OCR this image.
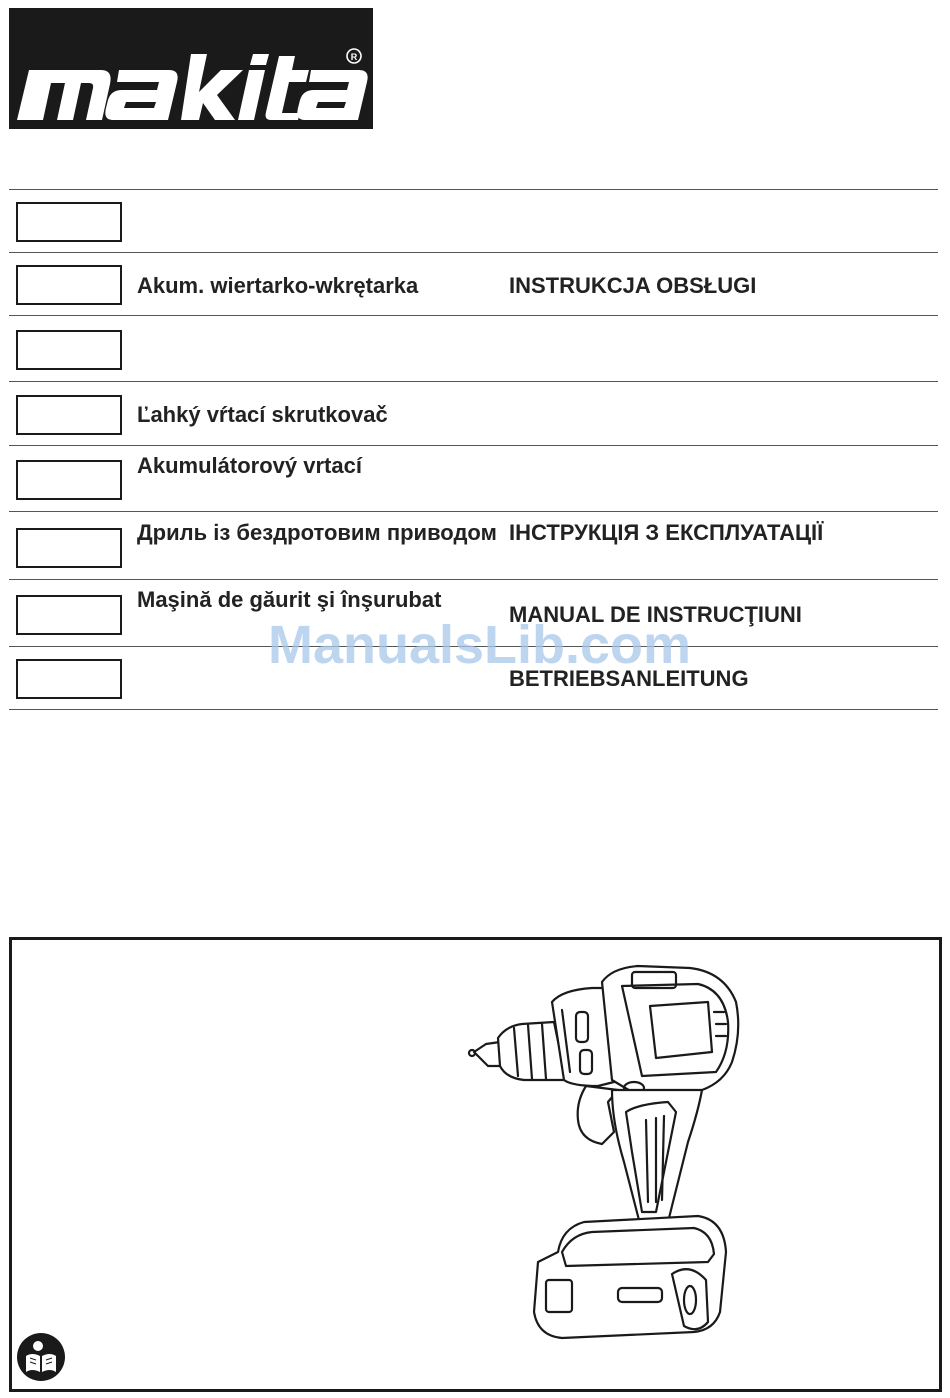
R
Akum. wiertarko-wkrętarka	INSTRUKCJA OBSŁUGI
Ľahký vŕtací skrutkovač
Akumulátorový vrtací
Дриль із бездротовим приводом ІНСТРУКЦІЯ З ЕКСПЛУАТАЦІЇ
Maşină de găurit şi înşurubat
MANUAL DE INSTRUCŢIUNI
BETRIEBSANLEITUNG
ManualsLib.com
